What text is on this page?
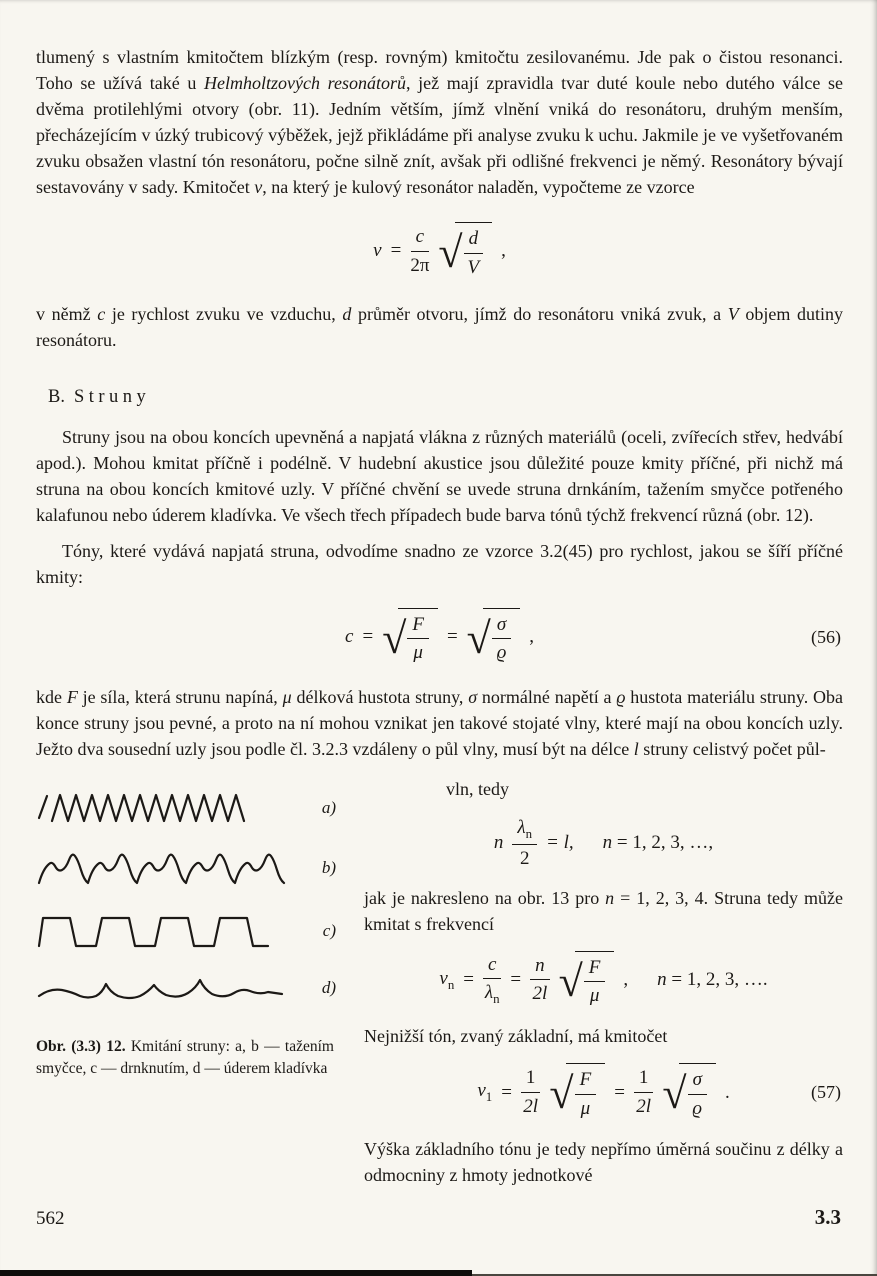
tlumený s vlastním kmitočtem blízkým (resp. rovným) kmitočtu zesilovanému. Jde pak o čistou resonanci. Toho se užívá také u Helmholtzových resonátorů, jež mají zpravidla tvar duté koule nebo dutého válce se dvěma protilehlými otvory (obr. 11). Jedním větším, jímž vlnění vniká do resonátoru, druhým menším, přecházejícím v úzký trubicový výběžek, jejž přikládáme při analyse zvuku k uchu. Jakmile je ve vyšetřovaném zvuku obsažen vlastní tón resonátoru, počne silně znít, avšak při odlišné frekvenci je němý. Resonátory bývají sestavovány v sady. Kmitočet ν, na který je kulový resonátor naladěn, vypočteme ze vzorce

$\nu = \frac{c}{2\pi}$ √ $\frac{d}{V}$ ,

v němž c je rychlost zvuku ve vzduchu, d průměr otvoru, jímž do resonátoru vniká zvuk, a V objem dutiny resonátoru.

B. Struny

Struny jsou na obou koncích upevněná a napjatá vlákna z různých materiálů (oceli, zvířecích střev, hedvábí apod.). Mohou kmitat příčně i podélně. V hudební akustice jsou důležité pouze kmity příčné, při nichž má struna na obou koncích kmitové uzly. V příčné chvění se uvede struna drnkáním, tažením smyčce potřeného kalafunou nebo úderem kladívka. Ve všech třech případech bude barva tónů týchž frekvencí různá (obr. 12).

Tóny, které vydává napjatá struna, odvodíme snadno ze vzorce 3.2(45) pro rychlost, jakou se šíří příčné kmity:

c = √ $\frac{F}{\mu}$ = √ $\frac{\sigma}{ϱ}$ ,	(56)

kde F je síla, která strunu napíná, μ délková hustota struny, σ normálné napětí a ϱ hustota materiálu struny. Oba konce struny jsou pevné, a proto na ní mohou vznikat jen takové stojaté vlny, které mají na obou koncích uzly. Ježto dva sousední uzly jsou podle čl. 3.2.3 vzdáleny o půl vlny, musí být na délce l struny celistvý počet půl-

a)
b)
c)
d)

Obr. (3.3) 12. Kmitání struny: a, b — tažením smyčce, c — drnknutím, d — úderem kladívka

vln, tedy

n $\frac{\lambda_n}{2} = l$, n = 1, 2, 3, …,

jak je nakresleno na obr. 13 pro n = 1, 2, 3, 4. Struna tedy může kmitat s frekvencí

$\nu_n = \frac{c}{\lambda_n} = \frac{n}{2l}$ √ $\frac{F}{\mu}$ , n = 1, 2, 3, ….

Nejnižší tón, zvaný základní, má kmitočet

$\nu_1 = \frac{1}{2l}$ √ $\frac{F}{\mu} = \frac{1}{2l}$ √ $\frac{\sigma}{ϱ}$ .	(57)

Výška základního tónu je tedy nepřímo úměrná součinu z délky a odmocniny z hmoty jednotkové

562	3.3
